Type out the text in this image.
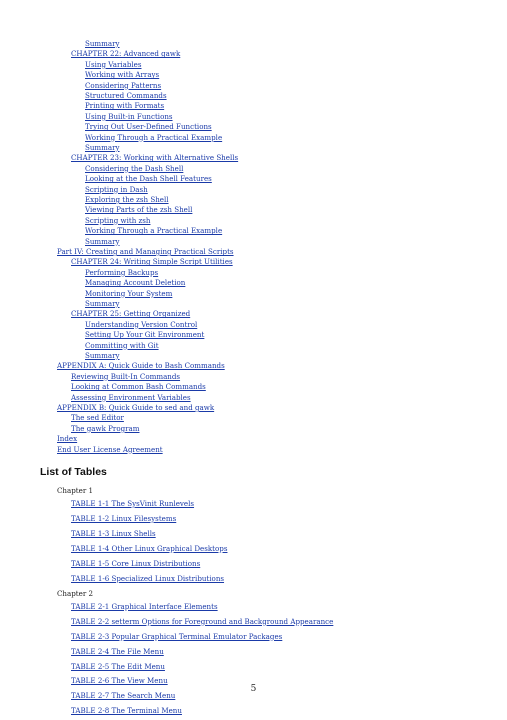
Summary
CHAPTER 22: Advanced gawk
Using Variables
Working with Arrays
Considering Patterns
Structured Commands
Printing with Formats
Using Built-in Functions
Trying Out User-Defined Functions
Working Through a Practical Example
Summary
CHAPTER 23: Working with Alternative Shells
Considering the Dash Shell
Looking at the Dash Shell Features
Scripting in Dash
Exploring the zsh Shell
Viewing Parts of the zsh Shell
Scripting with zsh
Working Through a Practical Example
Summary
Part IV: Creating and Managing Practical Scripts
CHAPTER 24: Writing Simple Script Utilities
Performing Backups
Managing Account Deletion
Monitoring Your System
Summary
CHAPTER 25: Getting Organized
Understanding Version Control
Setting Up Your Git Environment
Committing with Git
Summary
APPENDIX A: Quick Guide to Bash Commands
Reviewing Built-In Commands
Looking at Common Bash Commands
Assessing Environment Variables
APPENDIX B: Quick Guide to sed and gawk
The sed Editor
The gawk Program
Index
End User License Agreement
List of Tables
Chapter 1
TABLE 1-1 The SysVinit Runlevels
TABLE 1-2 Linux Filesystems
TABLE 1-3 Linux Shells
TABLE 1-4 Other Linux Graphical Desktops
TABLE 1-5 Core Linux Distributions
TABLE 1-6 Specialized Linux Distributions
Chapter 2
TABLE 2-1 Graphical Interface Elements
TABLE 2-2 setterm Options for Foreground and Background Appearance
TABLE 2-3 Popular Graphical Terminal Emulator Packages
TABLE 2-4 The File Menu
TABLE 2-5 The Edit Menu
TABLE 2-6 The View Menu
TABLE 2-7 The Search Menu
TABLE 2-8 The Terminal Menu
5
